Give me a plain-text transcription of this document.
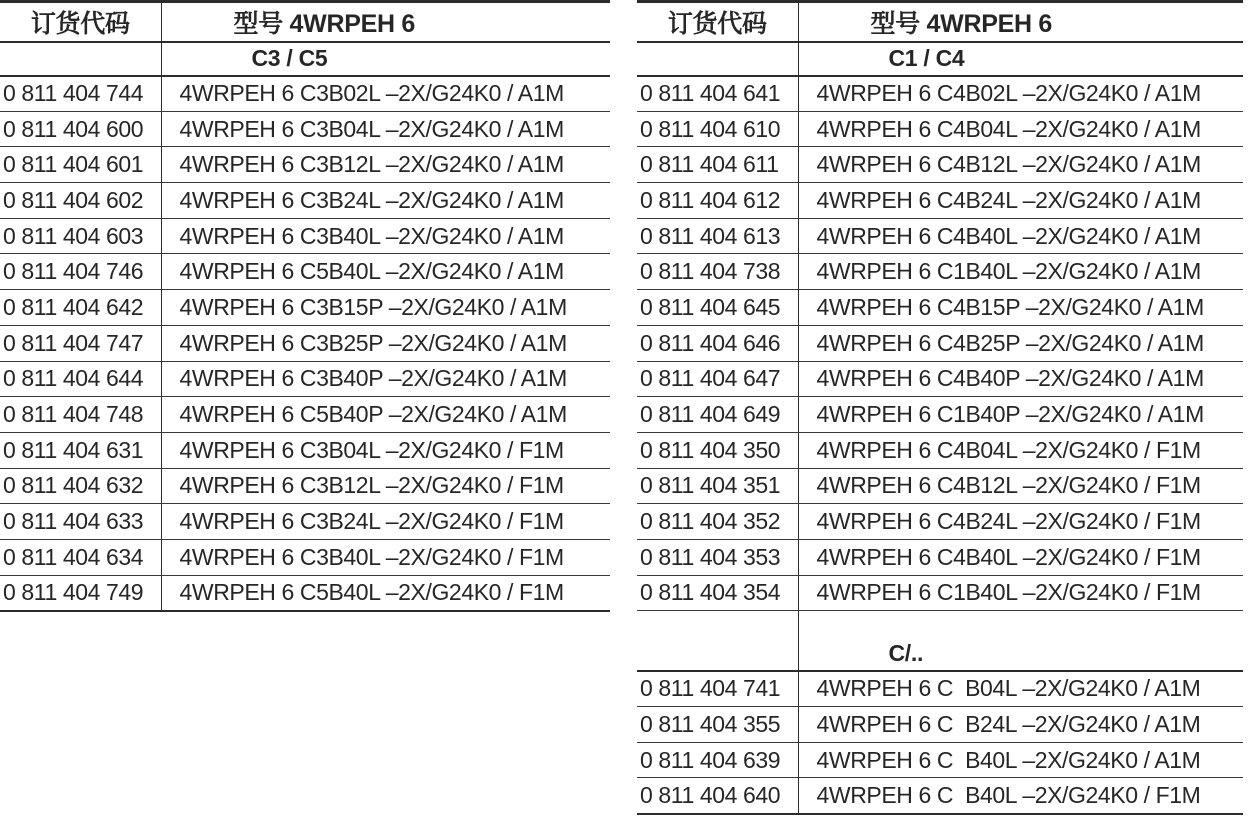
订货代码	型号 4WRPEH 6
	C3 / C5
0 811 404 744	4WRPEH 6 C3B02L –2X/G24K0 / A1M
0 811 404 600	4WRPEH 6 C3B04L –2X/G24K0 / A1M
0 811 404 601	4WRPEH 6 C3B12L –2X/G24K0 / A1M
0 811 404 602	4WRPEH 6 C3B24L –2X/G24K0 / A1M
0 811 404 603	4WRPEH 6 C3B40L –2X/G24K0 / A1M
0 811 404 746	4WRPEH 6 C5B40L –2X/G24K0 / A1M
0 811 404 642	4WRPEH 6 C3B15P –2X/G24K0 / A1M
0 811 404 747	4WRPEH 6 C3B25P –2X/G24K0 / A1M
0 811 404 644	4WRPEH 6 C3B40P –2X/G24K0 / A1M
0 811 404 748	4WRPEH 6 C5B40P –2X/G24K0 / A1M
0 811 404 631	4WRPEH 6 C3B04L –2X/G24K0 / F1M
0 811 404 632	4WRPEH 6 C3B12L –2X/G24K0 / F1M
0 811 404 633	4WRPEH 6 C3B24L –2X/G24K0 / F1M
0 811 404 634	4WRPEH 6 C3B40L –2X/G24K0 / F1M
0 811 404 749	4WRPEH 6 C5B40L –2X/G24K0 / F1M
订货代码	型号 4WRPEH 6
	C1 / C4
0 811 404 641	4WRPEH 6 C4B02L –2X/G24K0 / A1M
0 811 404 610	4WRPEH 6 C4B04L –2X/G24K0 / A1M
0 811 404 611	4WRPEH 6 C4B12L –2X/G24K0 / A1M
0 811 404 612	4WRPEH 6 C4B24L –2X/G24K0 / A1M
0 811 404 613	4WRPEH 6 C4B40L –2X/G24K0 / A1M
0 811 404 738	4WRPEH 6 C1B40L –2X/G24K0 / A1M
0 811 404 645	4WRPEH 6 C4B15P –2X/G24K0 / A1M
0 811 404 646	4WRPEH 6 C4B25P –2X/G24K0 / A1M
0 811 404 647	4WRPEH 6 C4B40P –2X/G24K0 / A1M
0 811 404 649	4WRPEH 6 C1B40P –2X/G24K0 / A1M
0 811 404 350	4WRPEH 6 C4B04L –2X/G24K0 / F1M
0 811 404 351	4WRPEH 6 C4B12L –2X/G24K0 / F1M
0 811 404 352	4WRPEH 6 C4B24L –2X/G24K0 / F1M
0 811 404 353	4WRPEH 6 C4B40L –2X/G24K0 / F1M
0 811 404 354	4WRPEH 6 C1B40L –2X/G24K0 / F1M

	C/..
0 811 404 741	4WRPEH 6 C  B04L –2X/G24K0 / A1M
0 811 404 355	4WRPEH 6 C  B24L –2X/G24K0 / A1M
0 811 404 639	4WRPEH 6 C  B40L –2X/G24K0 / A1M
0 811 404 640	4WRPEH 6 C  B40L –2X/G24K0 / F1M
